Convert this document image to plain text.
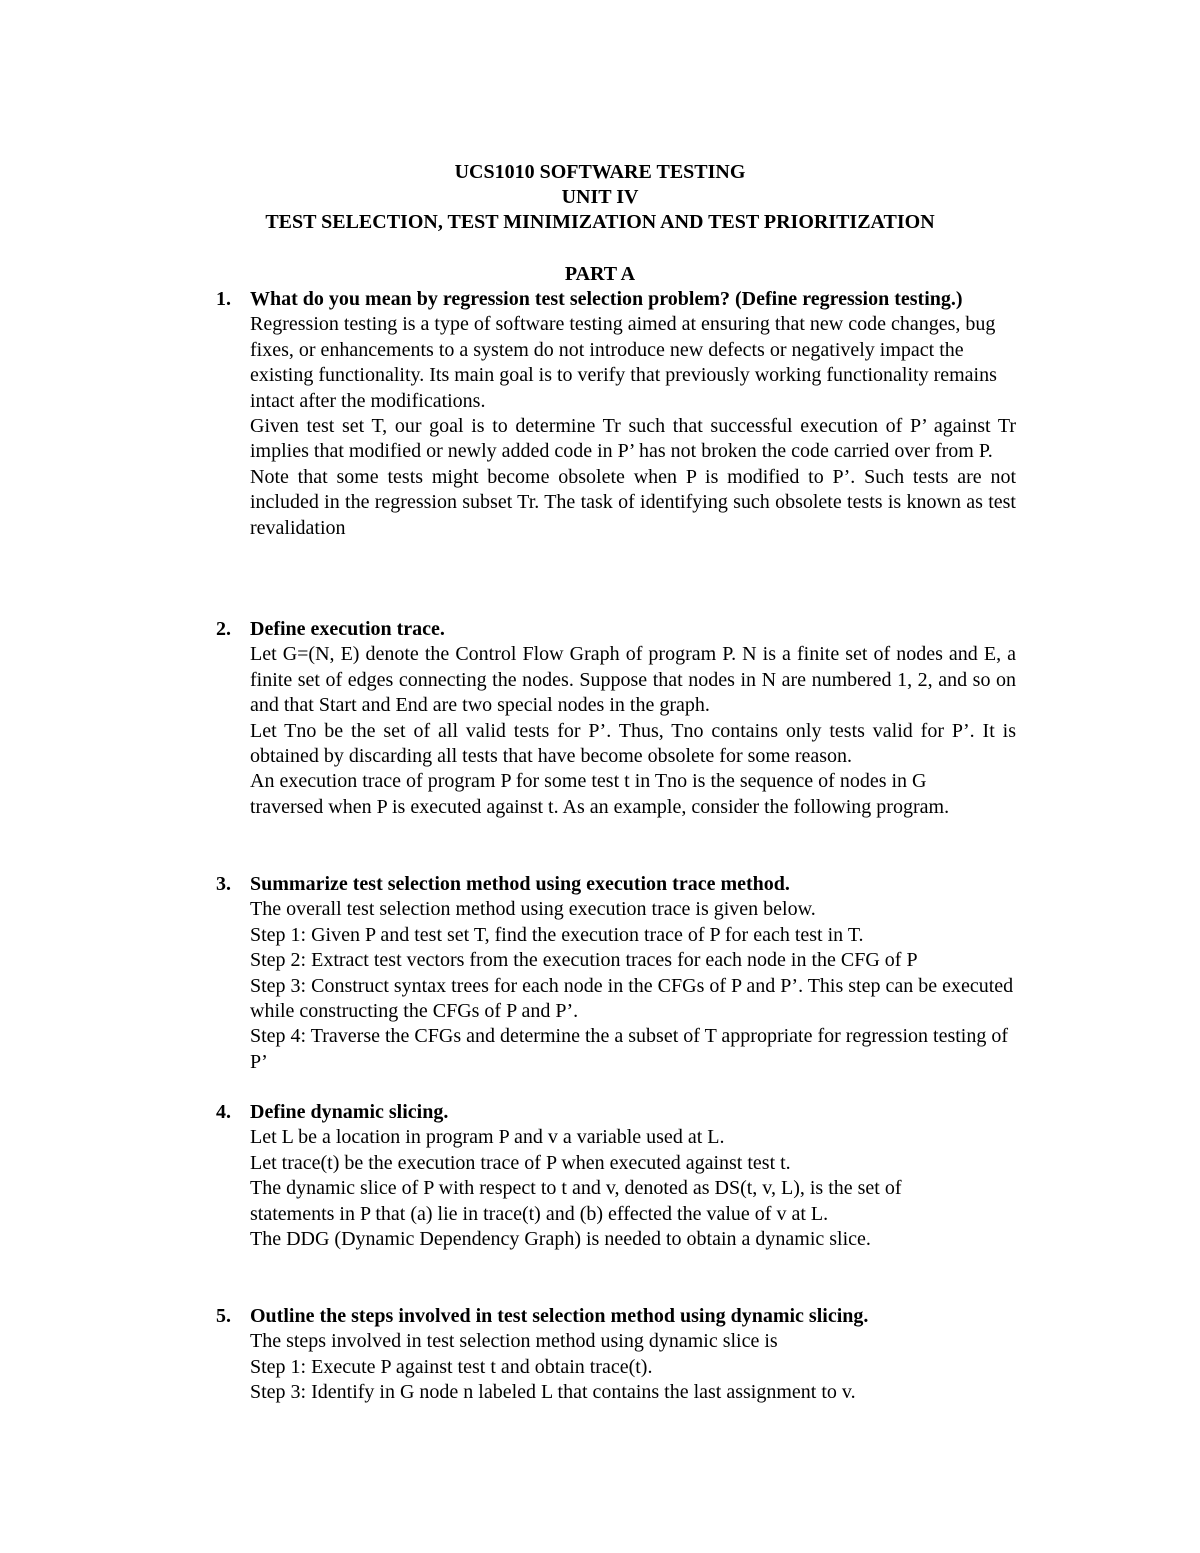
UCS1010 SOFTWARE TESTING
UNIT IV
TEST SELECTION, TEST MINIMIZATION AND TEST PRIORITIZATION
PART A
1. What do you mean by regression test selection problem? (Define regression testing.)
Regression testing is a type of software testing aimed at ensuring that new code changes, bug fixes, or enhancements to a system do not introduce new defects or negatively impact the existing functionality. Its main goal is to verify that previously working functionality remains intact after the modifications.
Given test set T, our goal is to determine Tr such that successful execution of P’ against Tr implies that modified or newly added code in P’ has not broken the code carried over from P.
Note that some tests might become obsolete when P is modified to P’. Such tests are not included in the regression subset Tr. The task of identifying such obsolete tests is known as test revalidation
2. Define execution trace.
Let G=(N, E) denote the Control Flow Graph of program P. N is a finite set of nodes and E, a finite set of edges connecting the nodes. Suppose that nodes in N are numbered 1, 2, and so on and that Start and End are two special nodes in the graph.
Let Tno be the set of all valid tests for P’. Thus, Tno contains only tests valid for P’. It is obtained by discarding all tests that have become obsolete for some reason.
An execution trace of program P for some test t in Tno is the sequence of nodes in G traversed when P is executed against t. As an example, consider the following program.
3. Summarize test selection method using execution trace method.
The overall test selection method using execution trace is given below.
Step 1: Given P and test set T, find the execution trace of P for each test in T.
Step 2: Extract test vectors from the execution traces for each node in the CFG of P
Step 3: Construct syntax trees for each node in the CFGs of P and P’. This step can be executed while constructing the CFGs of P and P’.
Step 4: Traverse the CFGs and determine the a subset of T appropriate for regression testing of P’
4. Define dynamic slicing.
Let L be a location in program P and v a variable used at L.
Let trace(t) be the execution trace of P when executed against test t.
The dynamic slice of P with respect to t and v, denoted as DS(t, v, L), is the set of statements in P that (a) lie in trace(t) and (b) effected the value of v at L.
The DDG (Dynamic Dependency Graph) is needed to obtain a dynamic slice.
5. Outline the steps involved in test selection method using dynamic slicing.
The steps involved in test selection method using dynamic slice is
Step 1: Execute P against test t and obtain trace(t).
Step 3: Identify in G node n labeled L that contains the last assignment to v.
